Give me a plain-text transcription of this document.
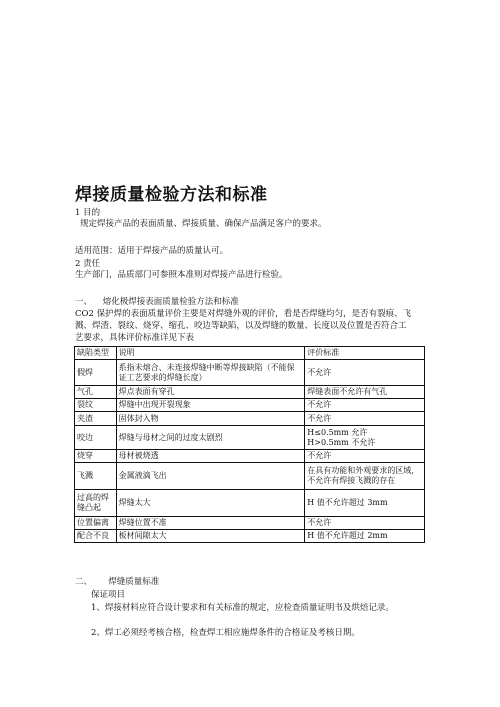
焊接质量检验方法和标准
1 目的
规定焊接产品的表面质量、焊接质量、确保产品满足客户的要求。
适用范围：适用于焊接产品的质量认可。
2 责任
生产部门，品质部门可参照本准则对焊接产品进行检验。
一、    熔化极焊接表面质量检验方法和标准
CO2 保护焊的表面质量评价主要是对焊缝外观的评价，看是否焊缝均匀，是否有裂痕、飞
溅、焊渣、裂纹、烧穿、缩孔、咬边等缺陷，以及焊缝的数量、长度以及位置是否符合工
艺要求，具体评价标准详见下表
缺陷类型	说明	评价标准
假焊	系指未熔合、未连接焊缝中断等焊接缺陷（不能保证工艺要求的焊缝长度）	不允许
气孔	焊点表面有穿孔	焊缝表面不允许有气孔
裂纹	焊缝中出现开裂现象	不允许
夹渣	固体封入物	不允许
咬边	焊缝与母材之间的过度太剧烈	H≤0.5mm 允许
H>0.5mm 不允许
烧穿	母材被烧透	不允许
飞溅	金属液滴飞出	在具有功能和外观要求的区域，不允许有焊接飞溅的存在
过高的焊缝凸起	焊缝太大	H 值不允许超过 3mm
位置偏离	焊缝位置不准	不允许
配合不良	板材间隙太大	H 值不允许超过 2mm
二、      焊缝质量标准
保证项目
1、焊接材料应符合设计要求和有关标准的规定，应检查质量证明书及烘焙记录。
2、焊工必须经考核合格，检查焊工相应施焊条件的合格证及考核日期。
